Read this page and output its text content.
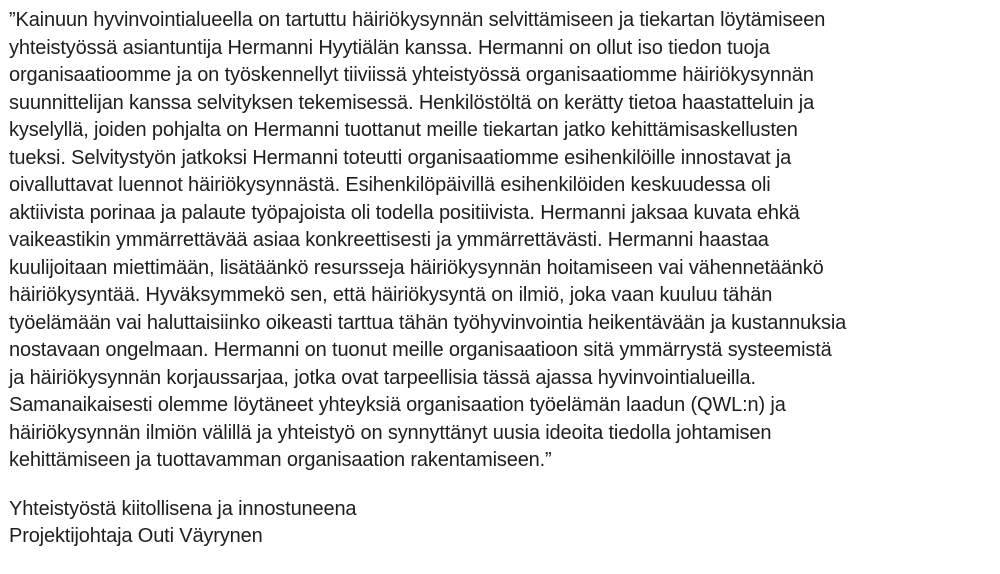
”Kainuun hyvinvointialueella on tartuttu häiriökysynnän selvittämiseen ja tiekartan löytämiseen
yhteistyössä asiantuntija Hermanni Hyytiälän kanssa. Hermanni on ollut iso tiedon tuoja
organisaatioomme ja on työskennellyt tiiviissä yhteistyössä organisaatiomme häiriökysynnän
suunnittelijan kanssa selvityksen tekemisessä. Henkilöstöltä on kerätty tietoa haastatteluin ja
kyselyllä, joiden pohjalta on Hermanni tuottanut meille tiekartan jatko kehittämisaskellusten
tueksi. Selvitystyön jatkoksi Hermanni toteutti organisaatiomme esihenkilöille innostavat ja
oivalluttavat luennot häiriökysynnästä. Esihenkilöpäivillä esihenkilöiden keskuudessa oli
aktiivista porinaa ja palaute työpajoista oli todella positiivista. Hermanni jaksaa kuvata ehkä
vaikeastikin ymmärrettävää asiaa konkreettisesti ja ymmärrettävästi. Hermanni haastaa
kuulijoitaan miettimään, lisätäänkö resursseja häiriökysynnän hoitamiseen vai vähennetäänkö
häiriökysyntää. Hyväksymmekö sen, että häiriökysyntä on ilmiö, joka vaan kuuluu tähän
työelämään vai haluttaisiinko oikeasti tarttua tähän työhyvinvointia heikentävään ja kustannuksia
nostavaan ongelmaan. Hermanni on tuonut meille organisaatioon sitä ymmärrystä systeemistä
ja häiriökysynnän korjaussarjaa, jotka ovat tarpeellisia tässä ajassa hyvinvointialueilla.
Samanaikaisesti olemme löytäneet yhteyksiä organisaation työelämän laadun (QWL:n) ja
häiriökysynnän ilmiön välillä ja yhteistyö on synnyttänyt uusia ideoita tiedolla johtamisen
kehittämiseen ja tuottavamman organisaation rakentamiseen.”
Yhteistyöstä kiitollisena ja innostuneena
Projektijohtaja Outi Väyrynen
